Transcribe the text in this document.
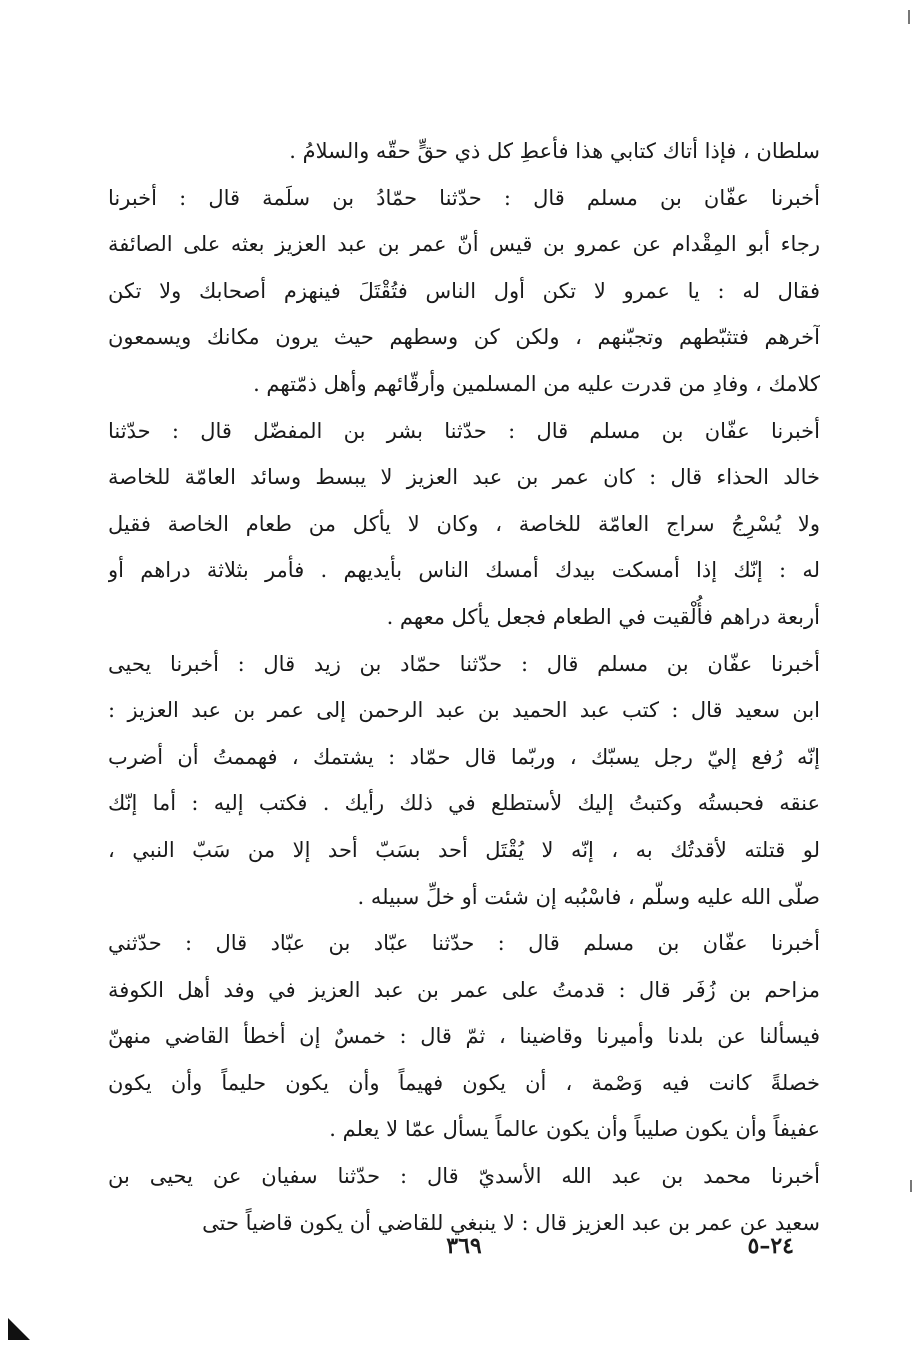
سلطان ، فإذا أتاك كتابي هذا فأعطِ كل ذي حقٍّ حقّه والسلامُ .
أخبرنا عفّان بن مسلم قال : حدّثنا حمّادُ بن سلَمة قال : أخبرنا
رجاء أبو المِقْدام عن عمرو بن قيس أنّ عمر بن عبد العزيز بعثه على الصائفة
فقال له : يا عمرو لا تكن أول الناس فتُقْتَلَ فينهزم أصحابك ولا تكن
آخرهم فتثبّطهم وتجبّنهم ، ولكن كن وسطهم حيث يرون مكانك ويسمعون
كلامك ، وفادِ من قدرت عليه من المسلمين وأرقّائهم وأهل ذمّتهم .
أخبرنا عفّان بن مسلم قال : حدّثنا بشر بن المفضّل قال : حدّثنا
خالد الحذاء قال : كان عمر بن عبد العزيز لا يبسط وسائد العامّة للخاصة
ولا يُسْرِجُ سراج العامّة للخاصة ، وكان لا يأكل من طعام الخاصة فقيل
له : إنّك إذا أمسكت بيدك أمسك الناس بأيديهم . فأمر بثلاثة دراهم أو
أربعة دراهم فأُلْقيت في الطعام فجعل يأكل معهم .
أخبرنا عفّان بن مسلم قال : حدّثنا حمّاد بن زيد قال : أخبرنا يحيى
ابن سعيد قال : كتب عبد الحميد بن عبد الرحمن إلى عمر بن عبد العزيز :
إنّه رُفع إليّ رجل يسبّك ، وربّما قال حمّاد : يشتمك ، فهممتُ أن أضرب
عنقه فحبستُه وكتبتُ إليك لأستطلع في ذلك رأيك . فكتب إليه : أما إنّك
لو قتلته لأقدتُك به ، إنّه لا يُقْتَل أحد بسَبّ أحد إلا من سَبّ النبي ،
صلّى الله عليه وسلّم ، فاسْبُبه إن شئت أو خلِّ سبيله .
أخبرنا عفّان بن مسلم قال : حدّثنا عبّاد بن عبّاد قال : حدّثني
مزاحم بن زُفَر قال : قدمتُ على عمر بن عبد العزيز في وفد أهل الكوفة
فيسألنا عن بلدنا وأميرنا وقاضينا ، ثمّ قال : خمسٌ إن أخطأ القاضي منهنّ
خصلةً كانت فيه وَصْمة ، أن يكون فهيماً وأن يكون حليماً وأن يكون
عفيفاً وأن يكون صليباً وأن يكون عالماً يسأل عمّا لا يعلم .
أخبرنا محمد بن عبد الله الأسديّ قال : حدّثنا سفيان عن يحيى بن
سعيد عن عمر بن عبد العزيز قال : لا ينبغي للقاضي أن يكون قاضياً حتى
٢٤–٥
٣٦٩
